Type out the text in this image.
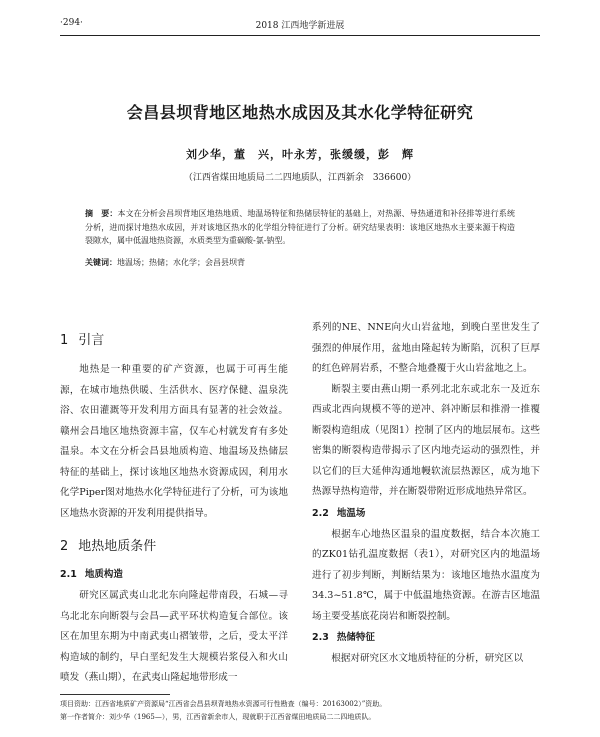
·294·	2018 江西地学新进展
会昌县坝背地区地热水成因及其水化学特征研究
刘少华，董　兴，叶永芳，张缓缓，彭　辉
（江西省煤田地质局二二四地质队，江西新余　336600）
摘　要：本文在分析会昌坝背地区地热地质、地温场特征和热储层特征的基础上，对热源、导热通道和补径排等进行系统分析，进而探讨地热水成因，并对该地区热水的化学组分特征进行了分析。研究结果表明：该地区地热水主要来源于构造裂隙水，属中低温地热资源，水质类型为重碳酸-氯-钠型。
关键词：地温场；热储；水化学；会昌县坝背
1 引言

地热是一种重要的矿产资源，也属于可再生能源，在城市地热供暖、生活供水、医疗保健、温泉洗浴、农田灌溉等开发利用方面具有显著的社会效益。赣州会昌地区地热资源丰富，仅车心村就发育有多处温泉。本文在分析会昌县地质构造、地温场及热储层特征的基础上，探讨该地区地热水资源成因，利用水化学Piper图对地热水化学特征进行了分析，可为该地区地热水资源的开发利用提供指导。

2 地热地质条件
2.1 地质构造

研究区属武夷山北北东向隆起带南段，石城—寻乌北北东向断裂与会昌—武平环状构造复合部位。该区在加里东期为中南武夷山褶皱带，之后，受太平洋构造域的制约，早白垩纪发生大规模岩浆侵入和火山喷发（燕山期），在武夷山隆起地带形成一

系列的NE、NNE向火山岩盆地，到晚白垩世发生了强烈的伸展作用，盆地由隆起转为断陷，沉积了巨厚的红色碎屑岩系，不整合地叠覆于火山岩盆地之上。

断裂主要由燕山期一系列北北东或北东一及近东西或北西向规模不等的逆冲、斜冲断层和推滑一推覆断裂构造组成（见图1）控制了区内的地层展布。这些密集的断裂构造带揭示了区内地壳运动的强烈性，并以它们的巨大延伸沟通地幔软流层热源区，成为地下热源导热构造带，并在断裂带附近形成地热异常区。

2.2 地温场

根据车心地热区温泉的温度数据，结合本次施工的ZK01钻孔温度数据（表1），对研究区内的地温场进行了初步判断，判断结果为：该地区地热水温度为34.3~51.8℃，属于中低温地热资源。在游吉区地温场主要受基底花岗岩和断裂控制。

2.3 热储特征

根据对研究区水文地质特征的分析，研究区以

项目资助：江西省地质矿产资源局“江西省会昌县坝背地热水资源可行性勘查（编号：20163002）”资助。
第一作者简介：刘少华（1965—），男，江西省新余市人，现就职于江西省煤田地质局二二四地质队。
